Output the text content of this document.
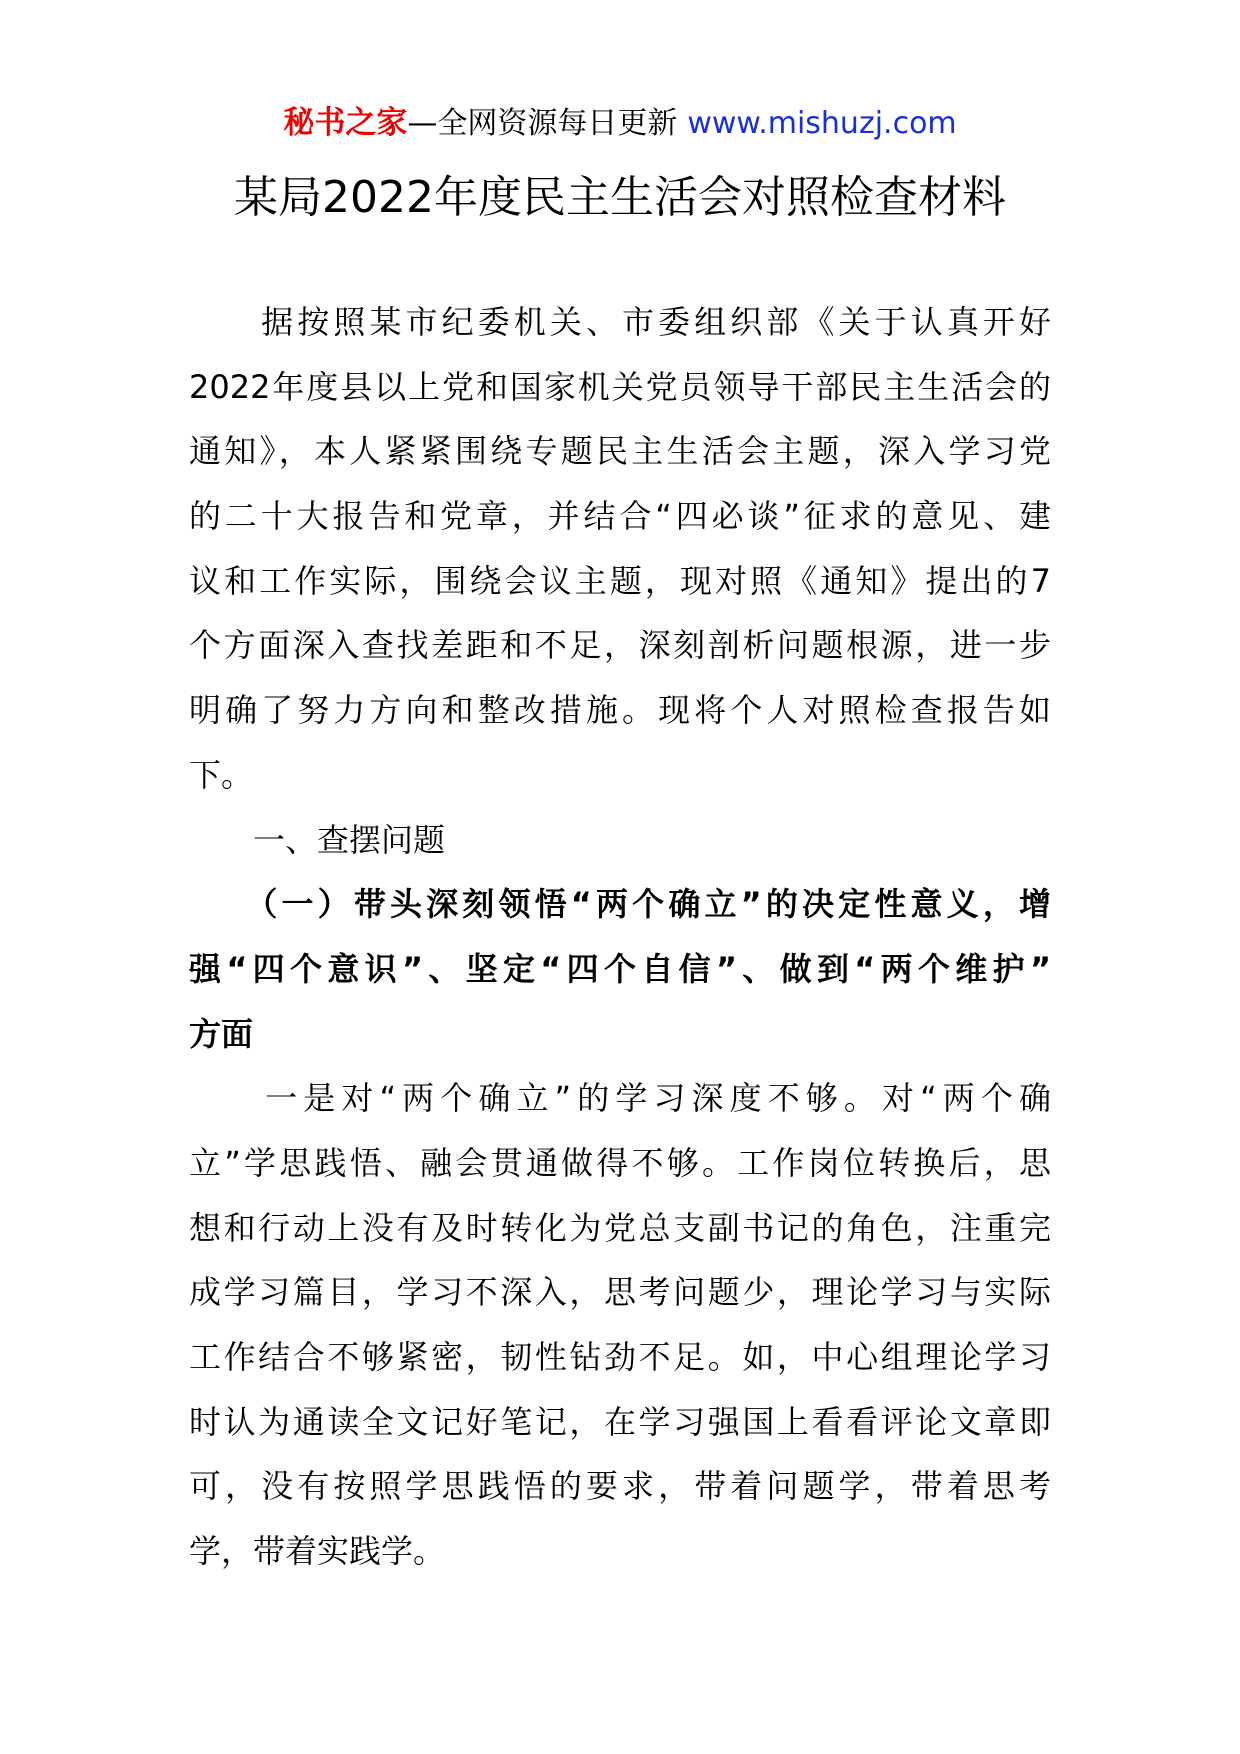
秘书之家—全网资源每日更新 www.mishuzj.com
某局2022年度民主生活会对照检查材料
　　据按照某市纪委机关、市委组织部《关于认真开好
2022年度县以上党和国家机关党员领导干部民主生活会的
通知》，本人紧紧围绕专题民主生活会主题，深入学习党
的二十大报告和党章，并结合“四必谈”征求的意见、建
议和工作实际，围绕会议主题，现对照《通知》提出的7
个方面深入查找差距和不足，深刻剖析问题根源，进一步
明确了努力方向和整改措施。现将个人对照检查报告如
下。
　　一、查摆问题
　　（一）带头深刻领悟“两个确立”的决定性意义，增
强“四个意识”、坚定“四个自信”、做到“两个维护”
方面
　　一是对“两个确立”的学习深度不够。对“两个确
立”学思践悟、融会贯通做得不够。工作岗位转换后，思
想和行动上没有及时转化为党总支副书记的角色，注重完
成学习篇目，学习不深入，思考问题少，理论学习与实际
工作结合不够紧密，韧性钻劲不足。如，中心组理论学习
时认为通读全文记好笔记，在学习强国上看看评论文章即
可，没有按照学思践悟的要求，带着问题学，带着思考
学，带着实践学。
